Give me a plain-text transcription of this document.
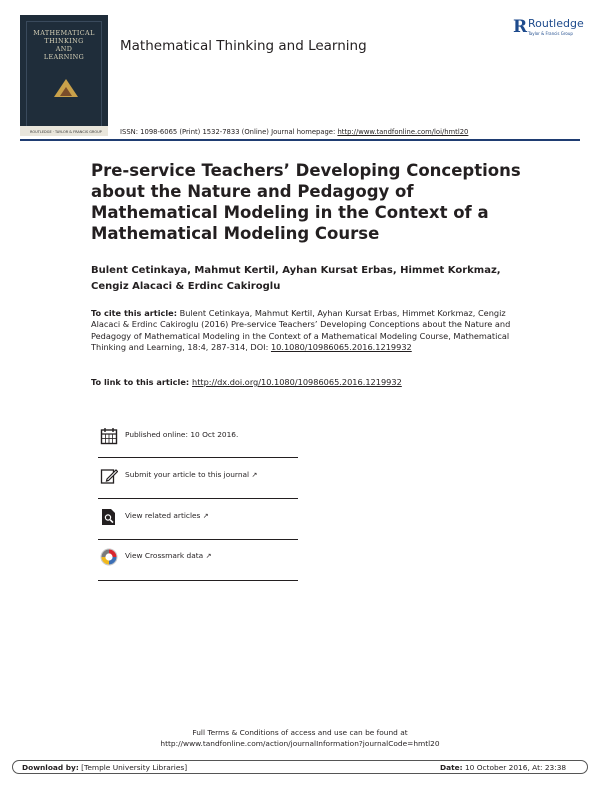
MATHEMATICAL
THINKING
AND
LEARNING
ROUTLEDGE · TAYLOR & FRANCIS GROUP
Mathematical Thinking and Learning
R Routledge
Taylor & Francis Group
ISSN: 1098-6065 (Print) 1532-7833 (Online) Journal homepage: http://www.tandfonline.com/loi/hmtl20
Pre-service Teachers’ Developing Conceptions about the Nature and Pedagogy of Mathematical Modeling in the Context of a Mathematical Modeling Course
Bulent Cetinkaya, Mahmut Kertil, Ayhan Kursat Erbas, Himmet Korkmaz, Cengiz Alacaci & Erdinc Cakiroglu
To cite this article: Bulent Cetinkaya, Mahmut Kertil, Ayhan Kursat Erbas, Himmet Korkmaz, Cengiz Alacaci & Erdinc Cakiroglu (2016) Pre-service Teachers’ Developing Conceptions about the Nature and Pedagogy of Mathematical Modeling in the Context of a Mathematical Modeling Course, Mathematical Thinking and Learning, 18:4, 287-314, DOI: 10.1080/10986065.2016.1219932
To link to this article: http://dx.doi.org/10.1080/10986065.2016.1219932
Published online: 10 Oct 2016.
Submit your article to this journal ↗
View related articles ↗
View Crossmark data ↗
Full Terms & Conditions of access and use can be found at
http://www.tandfonline.com/action/journalInformation?journalCode=hmtl20
Download by: [Temple University Libraries]	Date: 10 October 2016, At: 23:38
